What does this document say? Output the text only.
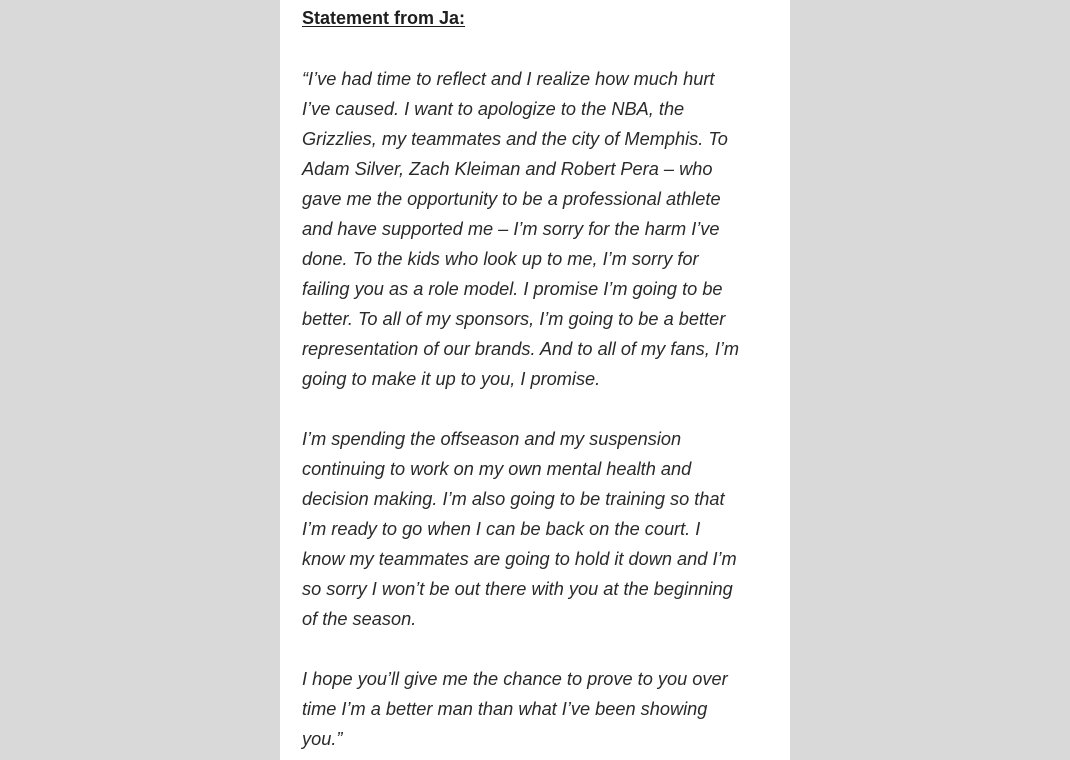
Statement from Ja:

“I’ve had time to reflect and I realize how much hurt
I’ve caused. I want to apologize to the NBA, the
Grizzlies, my teammates and the city of Memphis. To
Adam Silver, Zach Kleiman and Robert Pera – who
gave me the opportunity to be a professional athlete
and have supported me – I’m sorry for the harm I’ve
done. To the kids who look up to me, I’m sorry for
failing you as a role model. I promise I’m going to be
better. To all of my sponsors, I’m going to be a better
representation of our brands. And to all of my fans, I’m
going to make it up to you, I promise.

I’m spending the offseason and my suspension
continuing to work on my own mental health and
decision making. I’m also going to be training so that
I’m ready to go when I can be back on the court. I
know my teammates are going to hold it down and I’m
so sorry I won’t be out there with you at the beginning
of the season.

I hope you’ll give me the chance to prove to you over
time I’m a better man than what I’ve been showing
you.”
